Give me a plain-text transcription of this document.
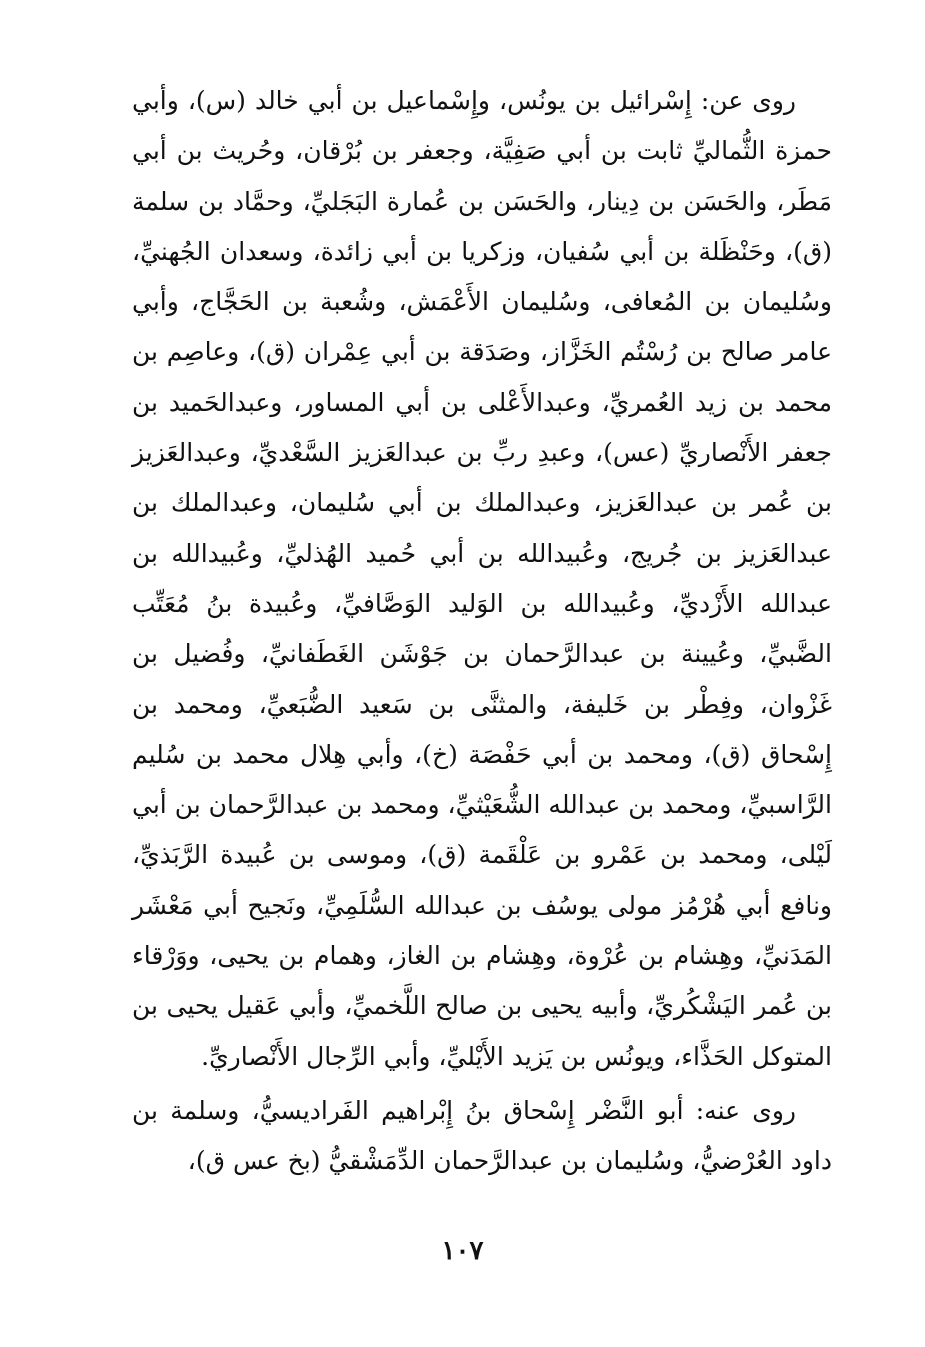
روى عن: إِسْرائيل بن يونُس، وإِسْماعيل بن أبي خالد (س)، وأبي حمزة الثُّماليِّ ثابت بن أبي صَفِيَّة، وجعفر بن بُرْقان، وحُريث بن أبي مَطَر، والحَسَن بن دِينار، والحَسَن بن عُمارة البَجَليِّ، وحمَّاد بن سلمة (ق)، وحَنْظَلة بن أبي سُفيان، وزكريا بن أبي زائدة، وسعدان الجُهنيِّ، وسُليمان بن المُعافى، وسُليمان الأَعْمَش، وشُعبة بن الحَجَّاج، وأبي عامر صالح بن رُسْتُم الخَزَّاز، وصَدَقة بن أبي عِمْران (ق)، وعاصِم بن محمد بن زيد العُمريِّ، وعبدالأَعْلى بن أبي المساور، وعبدالحَميد بن جعفر الأَنْصاريِّ (عس)، وعبدِ ربِّ بن عبدالعَزيز السَّعْديِّ، وعبدالعَزيز بن عُمر بن عبدالعَزيز، وعبدالملك بن أبي سُليمان، وعبدالملك بن عبدالعَزيز بن جُريج، وعُبيدالله بن أبي حُميد الهُذليِّ، وعُبيدالله بن عبدالله الأَزْديِّ، وعُبيدالله بن الوَليد الوَصَّافيِّ، وعُبيدة بنُ مُعَتِّب الضَّبيِّ، وعُيينة بن عبدالرَّحمان بن جَوْشَن الغَطَفانيِّ، وفُضيل بن غَزْوان، وفِطْر بن خَليفة، والمثنَّى بن سَعيد الضُّبَعيِّ، ومحمد بن إِسْحاق (ق)، ومحمد بن أبي حَفْصَة (خ)، وأبي هِلال محمد بن سُليم الرَّاسبيِّ، ومحمد بن عبدالله الشُّعَيْثيِّ، ومحمد بن عبدالرَّحمان بن أبي لَيْلى، ومحمد بن عَمْرو بن عَلْقَمة (ق)، وموسى بن عُبيدة الرَّبَذيِّ، ونافع أبي هُرْمُز مولى يوسُف بن عبدالله السُّلَمِيِّ، ونَجيح أبي مَعْشَر المَدَنيِّ، وهِشام بن عُرْوة، وهِشام بن الغاز، وهمام بن يحيى، ووَرْقاء بن عُمر اليَشْكُريِّ، وأبيه يحيى بن صالح اللَّخميِّ، وأبي عَقيل يحيى بن المتوكل الحَذَّاء، ويونُس بن يَزيد الأَيْليِّ، وأبي الرِّجال الأَنْصاريِّ.

روى عنه: أبو النَّضْر إِسْحاق بنُ إِبْراهيم الفَراديسيُّ، وسلمة بن داود العُرْضيُّ، وسُليمان بن عبدالرَّحمان الدِّمَشْقيُّ (بخ عس ق)،

١٠٧
